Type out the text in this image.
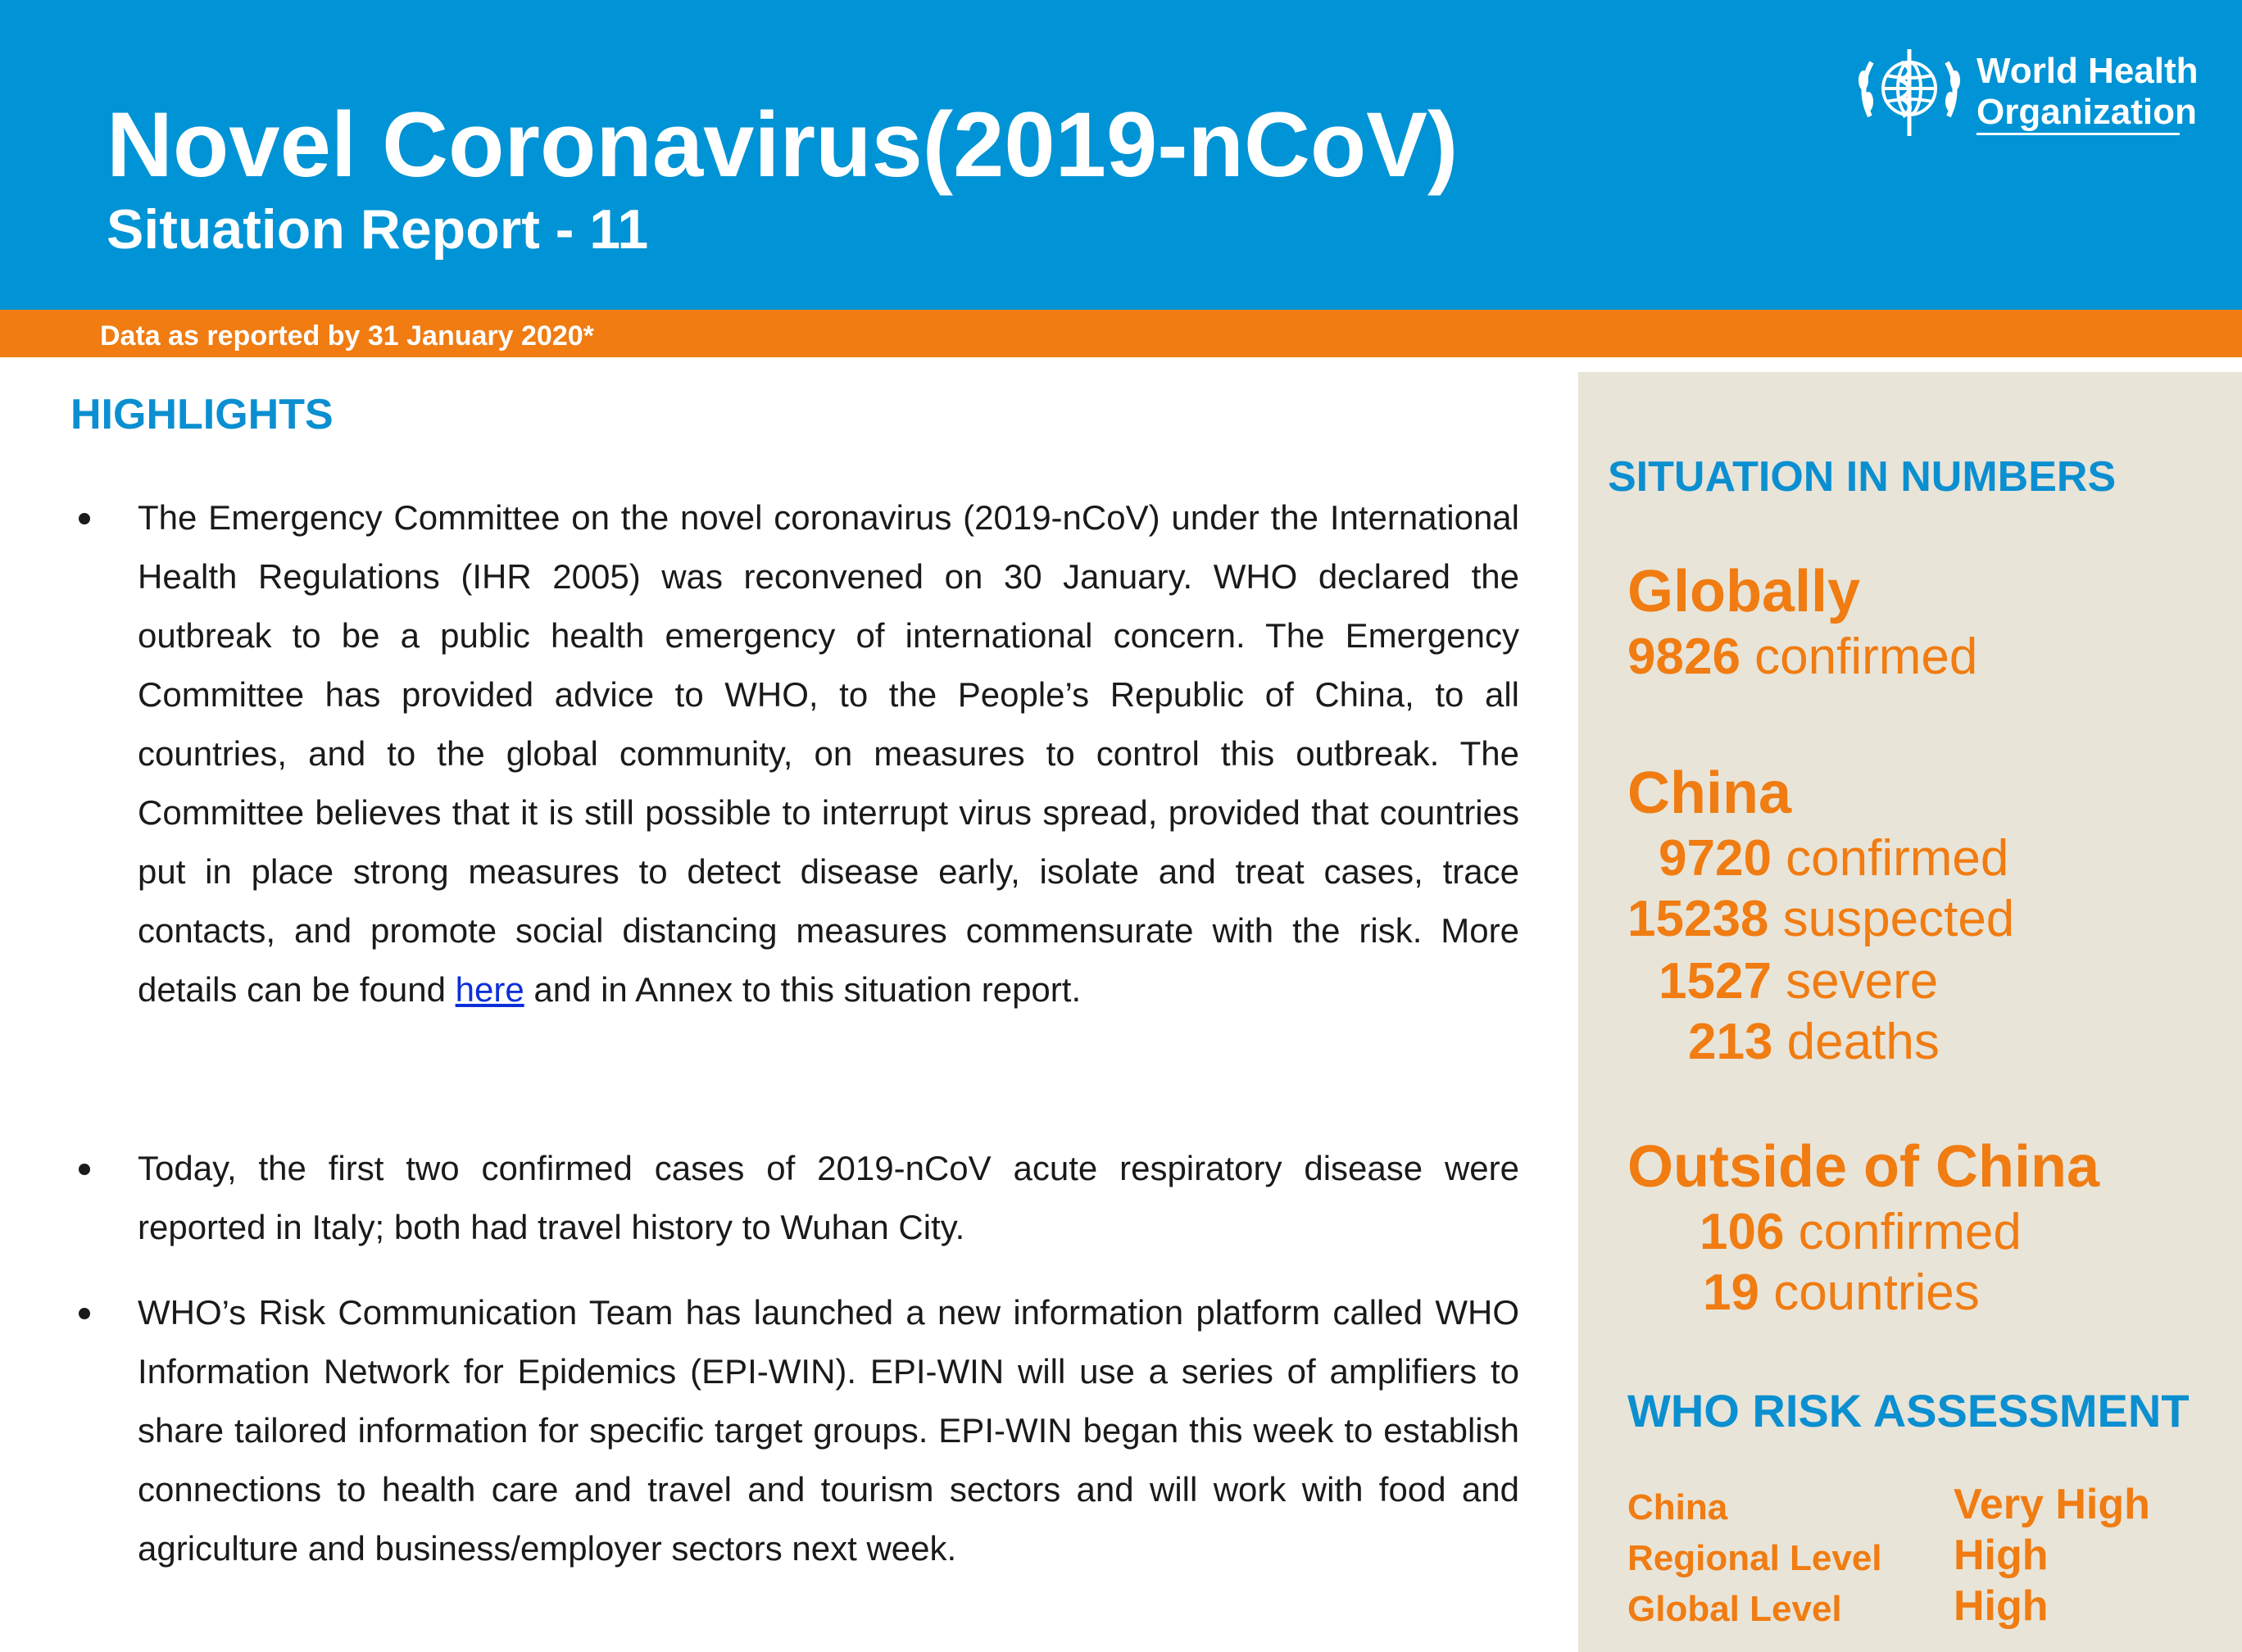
Novel Coronavirus(2019-nCoV)
Situation Report - 11
World Health
Organization
Data as reported by 31 January 2020*
HIGHLIGHTS

The Emergency Committee on the novel coronavirus (2019-nCoV) under the International Health Regulations (IHR 2005) was reconvened on 30 January. WHO declared the outbreak to be a public health emergency of international concern. The Emergency Committee has provided advice to WHO, to the People’s Republic of China, to all countries, and to the global community, on measures to control this outbreak. The Committee believes that it is still possible to interrupt virus spread, provided that countries put in place strong measures to detect disease early, isolate and treat cases, trace contacts, and promote social distancing measures commensurate with the risk. More details can be found here and in Annex to this situation report.

Today, the first two confirmed cases of 2019-nCoV acute respiratory disease were reported in Italy; both had travel history to Wuhan City.

WHO’s Risk Communication Team has launched a new information platform called WHO Information Network for Epidemics (EPI-WIN). EPI-WIN will use a series of amplifiers to share tailored information for specific target groups. EPI-WIN began this week to establish connections to health care and travel and tourism sectors and will work with food and agriculture and business/employer sectors next week.

SITUATION IN NUMBERS
Globally
9826 confirmed
China
9720 confirmed
15238 suspected
1527 severe
213 deaths
Outside of China
106 confirmed
19 countries
WHO RISK ASSESSMENT
China	Very High
Regional Level High
Global Level	High
